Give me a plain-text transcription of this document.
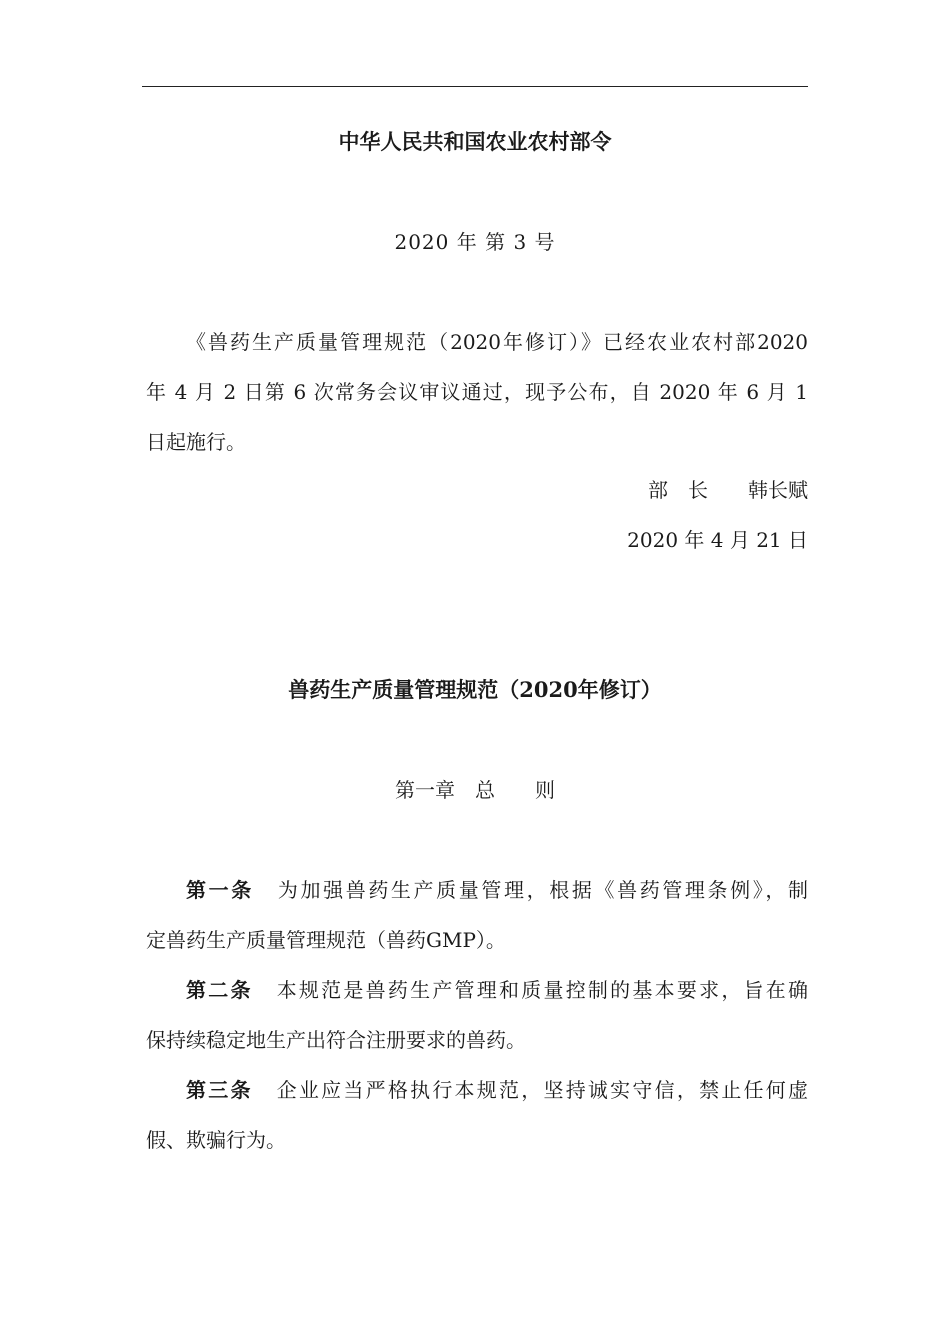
中华人民共和国农业农村部令

2020 年 第 3 号

《兽药生产质量管理规范（2020年修订）》已经农业农村部2020

年 4 月 2 日第 6 次常务会议审议通过，现予公布，自 2020 年 6 月 1

日起施行。

部　长　　韩长赋

2020 年 4 月 21 日

兽药生产质量管理规范（2020年修订）

第一章　总　　则

第一条 为加强兽药生产质量管理，根据《兽药管理条例》，制

定兽药生产质量管理规范（兽药GMP）。

第二条 本规范是兽药生产管理和质量控制的基本要求，旨在确

保持续稳定地生产出符合注册要求的兽药。

第三条 企业应当严格执行本规范，坚持诚实守信，禁止任何虚

假、欺骗行为。
